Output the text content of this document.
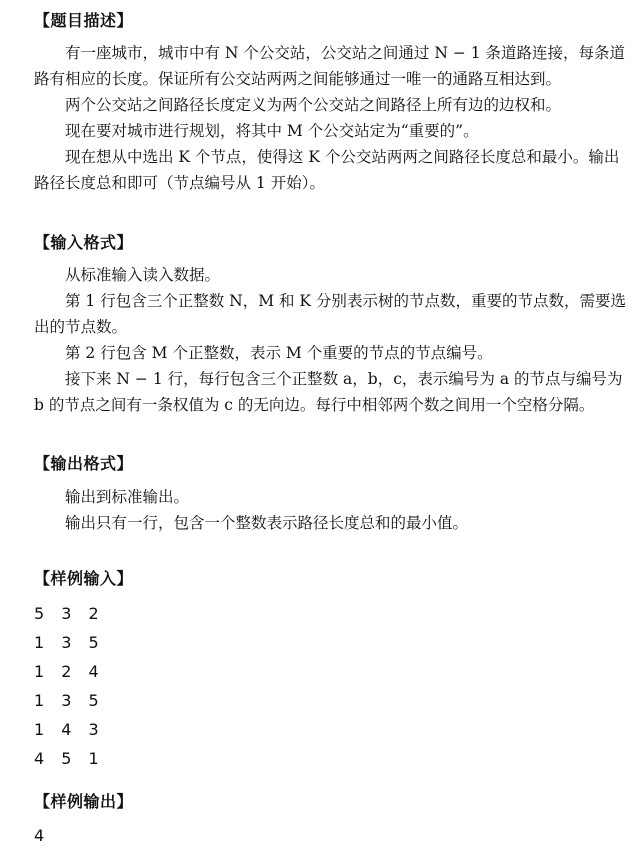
【题目描述】

有一座城市，城市中有 N 个公交站，公交站之间通过 N − 1 条道路连接，每条道路有相应的长度。保证所有公交站两两之间能够通过一唯一的通路互相达到。

两个公交站之间路径长度定义为两个公交站之间路径上所有边的边权和。

现在要对城市进行规划，将其中 M 个公交站定为“重要的”。

现在想从中选出 K 个节点，使得这 K 个公交站两两之间路径长度总和最小。输出路径长度总和即可（节点编号从 1 开始）。

【输入格式】

从标准输入读入数据。

第 1 行包含三个正整数 N，M 和 K 分别表示树的节点数，重要的节点数，需要选出的节点数。

第 2 行包含 M 个正整数，表示 M 个重要的节点的节点编号。

接下来 N − 1 行，每行包含三个正整数 a，b，c，表示编号为 a 的节点与编号为 b 的节点之间有一条权值为 c 的无向边。每行中相邻两个数之间用一个空格分隔。

【输出格式】

输出到标准输出。

输出只有一行，包含一个整数表示路径长度总和的最小值。

【样例输入】
5 3 2
1 3 5
1 2 4
1 3 5
1 4 3
4 5 1
【样例输出】
4
